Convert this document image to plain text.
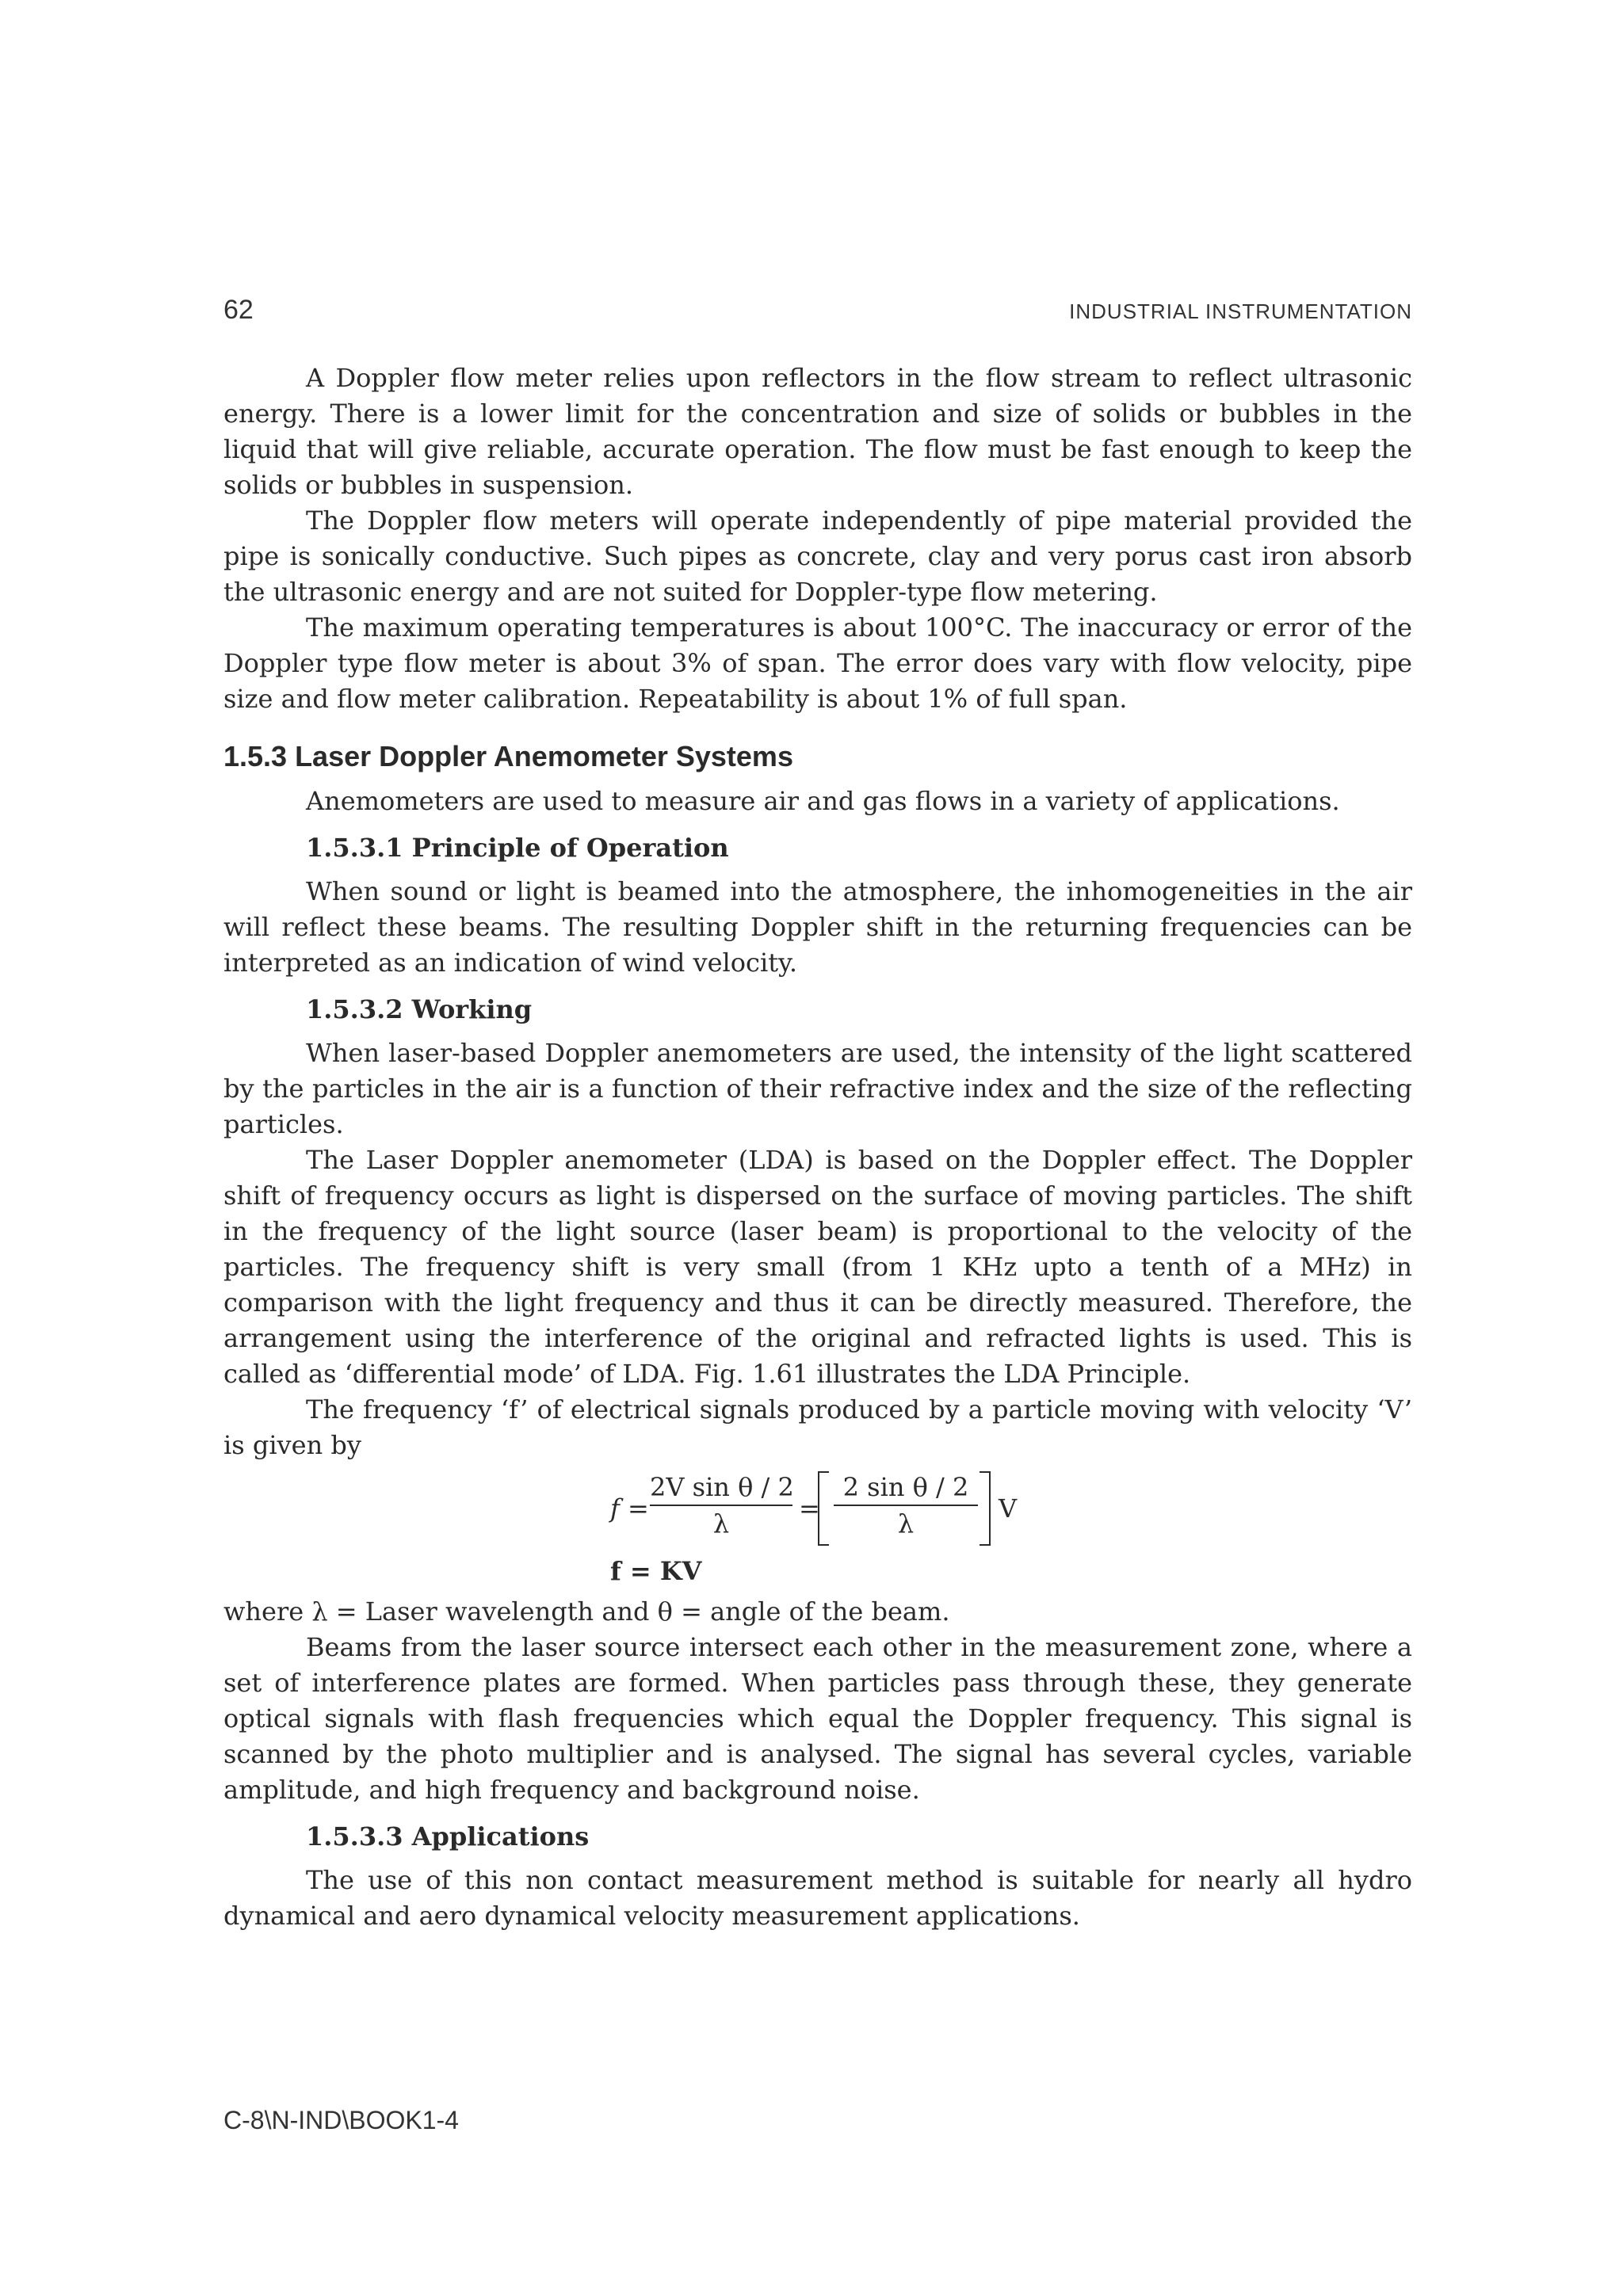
62	INDUSTRIAL INSTRUMENTATION

A Doppler flow meter relies upon reflectors in the flow stream to reflect ultrasonic energy. There is a lower limit for the concentration and size of solids or bubbles in the liquid that will give reliable, accurate operation. The flow must be fast enough to keep the solids or bubbles in suspension.

The Doppler flow meters will operate independently of pipe material provided the pipe is sonically conductive. Such pipes as concrete, clay and very porus cast iron absorb the ultrasonic energy and are not suited for Doppler-type flow metering.

The maximum operating temperatures is about 100°C. The inaccuracy or error of the Doppler type flow meter is about 3% of span. The error does vary with flow velocity, pipe size and flow meter calibration. Repeatability is about 1% of full span.

1.5.3 Laser Doppler Anemometer Systems

Anemometers are used to measure air and gas flows in a variety of applications.

1.5.3.1 Principle of Operation

When sound or light is beamed into the atmosphere, the inhomogeneities in the air will reflect these beams. The resulting Doppler shift in the returning frequencies can be interpreted as an indication of wind velocity.

1.5.3.2 Working

When laser-based Doppler anemometers are used, the intensity of the light scattered by the particles in the air is a function of their refractive index and the size of the reflecting particles.

The Laser Doppler anemometer (LDA) is based on the Doppler effect. The Doppler shift of frequency occurs as light is dispersed on the surface of moving particles. The shift in the frequency of the light source (laser beam) is proportional to the velocity of the particles. The frequency shift is very small (from 1 KHz upto a tenth of a MHz) in comparison with the light frequency and thus it can be directly measured. Therefore, the arrangement using the interference of the original and refracted lights is used. This is called as ‘differential mode’ of LDA. Fig. 1.61 illustrates the LDA Principle.

The frequency ‘f’ of electrical signals produced by a particle moving with velocity ‘V’ is given by

f =
2V sin θ / 2
λ	=
2 sin θ / 2
λ	V
f = KV

where λ = Laser wavelength and θ = angle of the beam.

Beams from the laser source intersect each other in the measurement zone, where a set of interference plates are formed. When particles pass through these, they generate optical signals with flash frequencies which equal the Doppler frequency. This signal is scanned by the photo multiplier and is analysed. The signal has several cycles, variable amplitude, and high frequency and background noise.

1.5.3.3 Applications

The use of this non contact measurement method is suitable for nearly all hydro dynamical and aero dynamical velocity measurement applications.

C-8\N-IND\BOOK1-4
